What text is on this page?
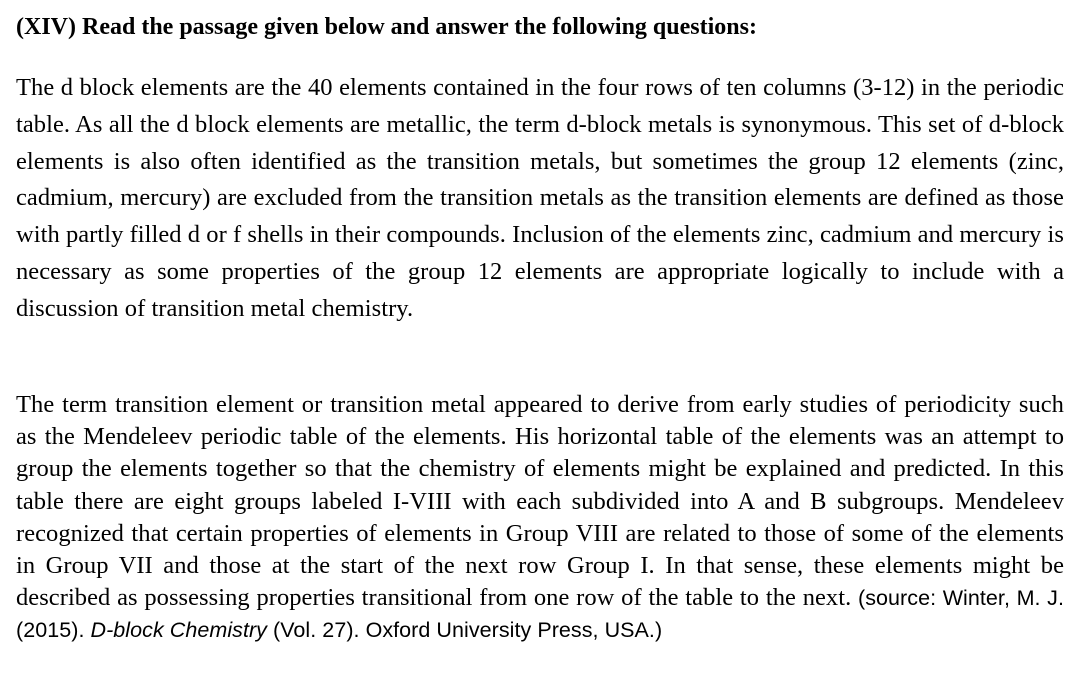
(XIV) Read the passage given below and answer the following questions:

The d block elements are the 40 elements contained in the four rows of ten columns (3-12) in the periodic table. As all the d block elements are metallic, the term d-block metals is synonymous. This set of d-block elements is also often identified as the transition metals, but sometimes the group 12 elements (zinc, cadmium, mercury) are excluded from the transition metals as the transition elements are defined as those with partly filled d or f shells in their compounds. Inclusion of the elements zinc, cadmium and mercury is necessary as some properties of the group 12 elements are appropriate logically to include with a discussion of transition metal chemistry.

The term transition element or transition metal appeared to derive from early studies of periodicity such as the Mendeleev periodic table of the elements. His horizontal table of the elements was an attempt to group the elements together so that the chemistry of elements might be explained and predicted. In this table there are eight groups labeled I-VIII with each subdivided into A and B subgroups. Mendeleev recognized that certain properties of elements in Group VIII are related to those of some of the elements in Group VII and those at the start of the next row Group I. In that sense, these elements might be described as possessing properties transitional from one row of the table to the next. (source: Winter, M. J. (2015). D-block Chemistry (Vol. 27). Oxford University Press, USA.)
